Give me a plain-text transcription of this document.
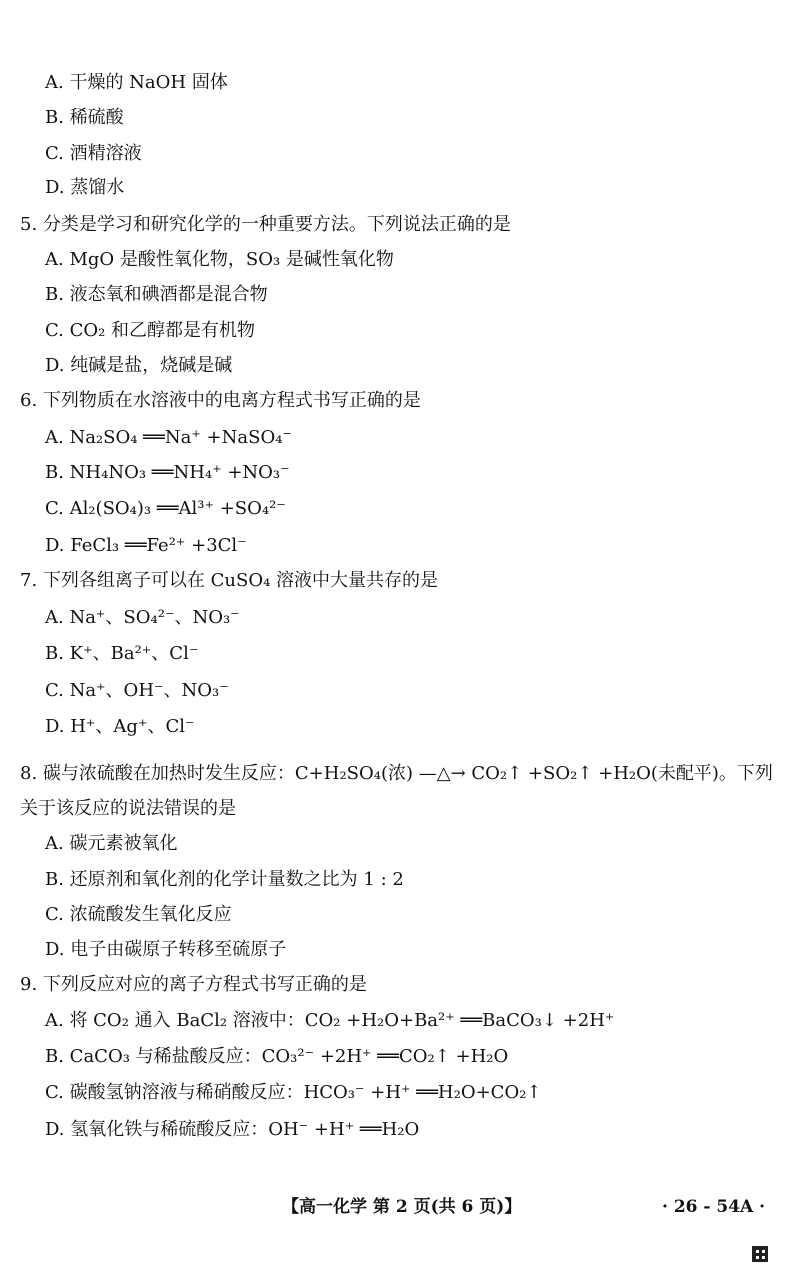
A. 干燥的 NaOH 固体
B. 稀硫酸
C. 酒精溶液
D. 蒸馏水
5. 分类是学习和研究化学的一种重要方法。下列说法正确的是
A. MgO 是酸性氧化物，SO₃ 是碱性氧化物
B. 液态氧和碘酒都是混合物
C. CO₂ 和乙醇都是有机物
D. 纯碱是盐，烧碱是碱
6. 下列物质在水溶液中的电离方程式书写正确的是
A. Na₂SO₄ ══Na⁺ +NaSO₄⁻
B. NH₄NO₃ ══NH₄⁺ +NO₃⁻
C. Al₂(SO₄)₃ ══Al³⁺ +SO₄²⁻
D. FeCl₃ ══Fe²⁺ +3Cl⁻
7. 下列各组离子可以在 CuSO₄ 溶液中大量共存的是
A. Na⁺、SO₄²⁻、NO₃⁻
B. K⁺、Ba²⁺、Cl⁻
C. Na⁺、OH⁻、NO₃⁻
D. H⁺、Ag⁺、Cl⁻
8. 碳与浓硫酸在加热时发生反应：C+H₂SO₄(浓) —△→ CO₂↑ +SO₂↑ +H₂O(未配平)。下列
关于该反应的说法错误的是
A. 碳元素被氧化
B. 还原剂和氧化剂的化学计量数之比为 1 : 2
C. 浓硫酸发生氧化反应
D. 电子由碳原子转移至硫原子
9. 下列反应对应的离子方程式书写正确的是
A. 将 CO₂ 通入 BaCl₂ 溶液中：CO₂ +H₂O+Ba²⁺ ══BaCO₃↓ +2H⁺
B. CaCO₃ 与稀盐酸反应：CO₃²⁻ +2H⁺ ══CO₂↑ +H₂O
C. 碳酸氢钠溶液与稀硝酸反应：HCO₃⁻ +H⁺ ══H₂O+CO₂↑
D. 氢氧化铁与稀硫酸反应：OH⁻ +H⁺ ══H₂O
【高一化学 第 2 页(共 6 页)】	· 26 - 54A ·
